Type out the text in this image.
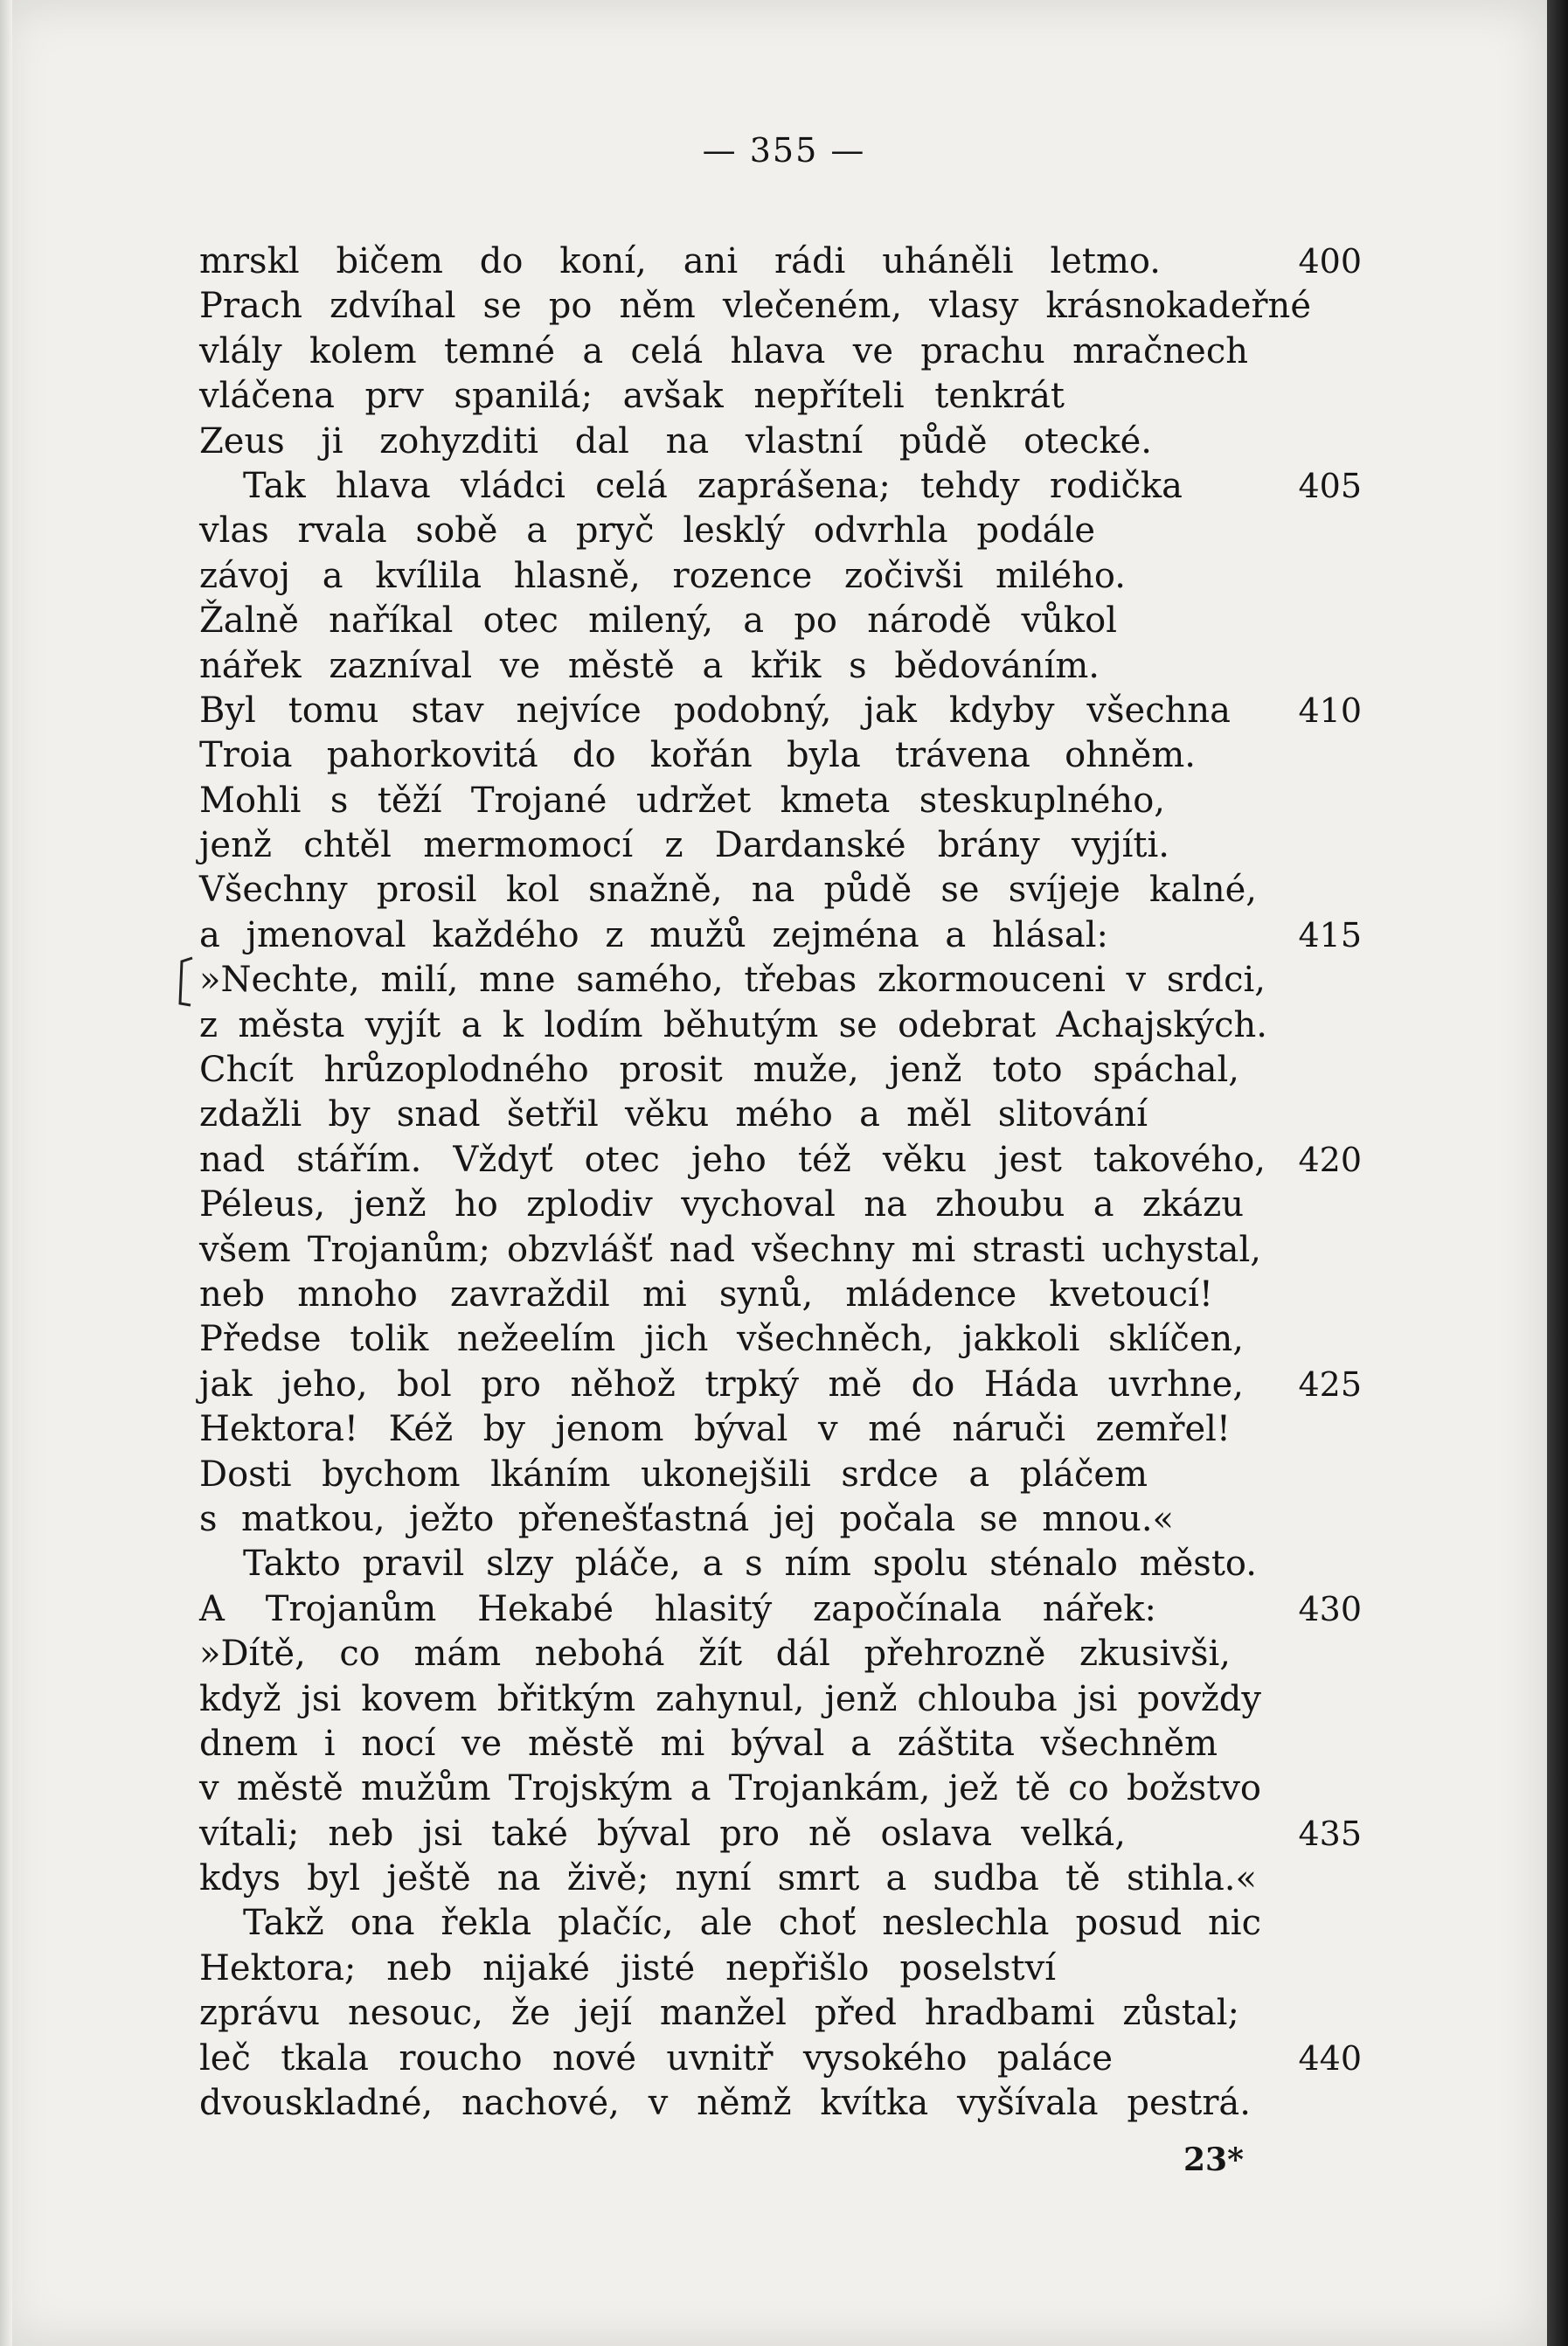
— 355 —
mrskl bičem do koní, ani rádi uháněli letmo.	400
Prach zdvíhal se po něm vlečeném, vlasy krásnokadeřné
vlály kolem temné a celá hlava ve prachu mračnech
vláčena prv spanilá; avšak nepříteli tenkrát
Zeus ji zohyzditi dal na vlastní půdě otecké.
Tak hlava vládci celá zaprášena; tehdy rodička	405
vlas rvala sobě a pryč lesklý odvrhla podále
závoj a kvílila hlasně, rozence zočivši milého.
Žalně naříkal otec milený, a po národě vůkol
nářek zazníval ve městě a křik s bědováním.
Byl tomu stav nejvíce podobný, jak kdyby všechna 410
Troia pahorkovitá do kořán byla trávena ohněm.
Mohli s těží Trojané udržet kmeta steskuplného,
jenž chtěl mermomocí z Dardanské brány vyjíti.
Všechny prosil kol snažně, na půdě se svíjeje kalné,
a jmenoval každého z mužů zejména a hlásal:	415
»Nechte, milí, mne samého, třebas zkormouceni v srdci,
z města vyjít a k lodím běhutým se odebrat Achajských.
Chcít hrůzoplodného prosit muže, jenž toto spáchal,
zdažli by snad šetřil věku mého a měl slitování
nad stářím. Vždyť otec jeho též věku jest takového, 420
Péleus, jenž ho zplodiv vychoval na zhoubu a zkázu
všem Trojanům; obzvlášť nad všechny mi strasti uchystal,
neb mnoho zavraždil mi synů, mládence kvetoucí!
Předse tolik nežeelím jich všechněch, jakkoli sklíčen,
jak jeho, bol pro něhož trpký mě do Háda uvrhne, 425
Hektora! Kéž by jenom býval v mé náruči zemřel!
Dosti bychom lkáním ukonejšili srdce a pláčem
s matkou, ježto přenešťastná jej počala se mnou.«
Takto pravil slzy pláče, a s ním spolu sténalo město.
A Trojanům Hekabé hlasitý započínala nářek:	430
»Dítě, co mám nebohá žít dál přehrozně zkusivši,
když jsi kovem břitkým zahynul, jenž chlouba jsi povždy
dnem i nocí ve městě mi býval a záštita všechněm
v městě mužům Trojským a Trojankám, jež tě co božstvo
vítali; neb jsi také býval pro ně oslava velká,	435
kdys byl ještě na živě; nyní smrt a sudba tě stihla.«
Takž ona řekla plačíc, ale choť neslechla posud nic
Hektora; neb nijaké jisté nepřišlo poselství
zprávu nesouc, že její manžel před hradbami zůstal;
leč tkala roucho nové uvnitř vysokého paláce	440
dvouskladné, nachové, v němž kvítka vyšívala pestrá.
23*
